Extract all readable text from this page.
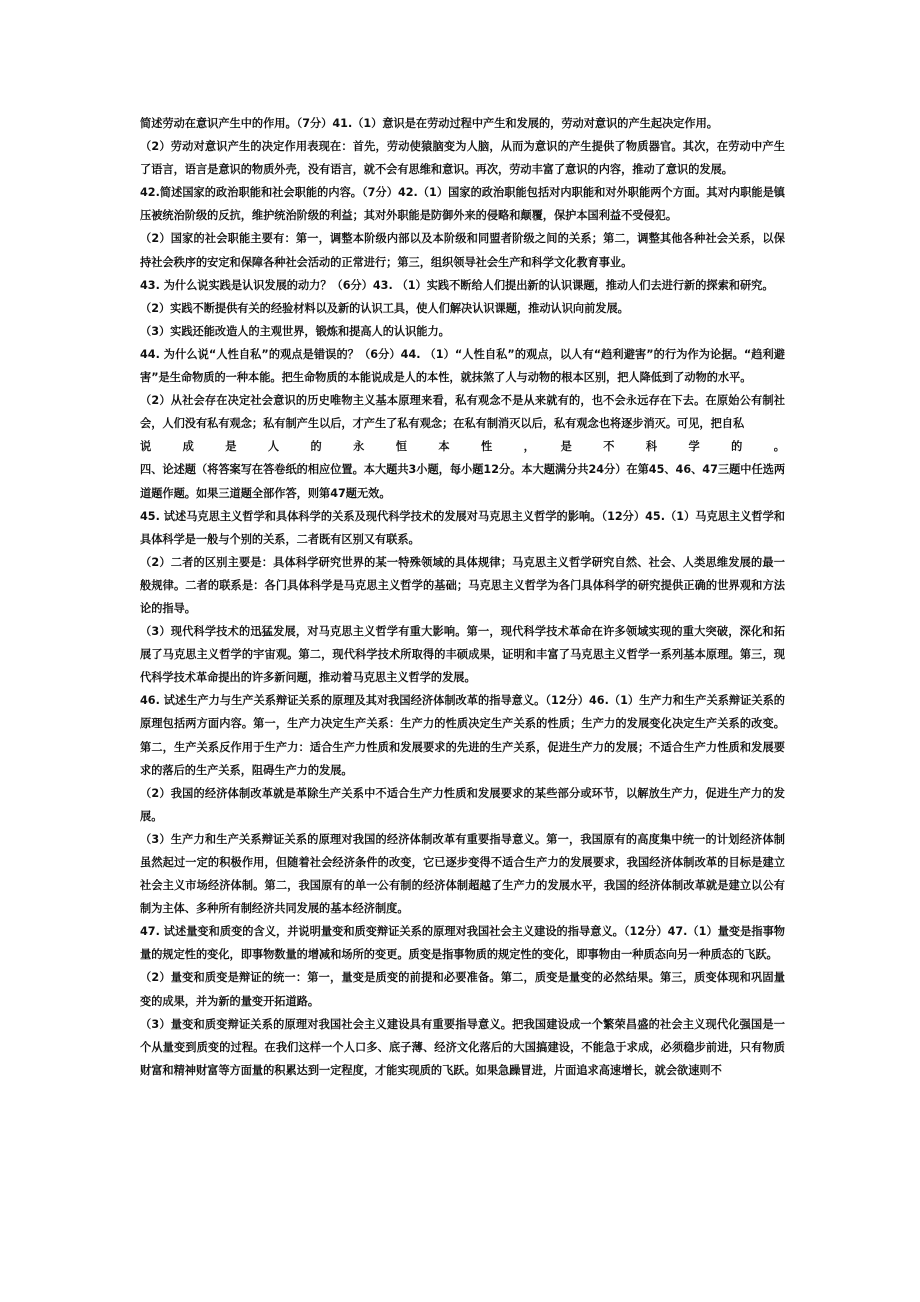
简述劳动在意识产生中的作用。（7分）41.（1）意识是在劳动过程中产生和发展的，劳动对意识的产生起决定作用。

（2）劳动对意识产生的决定作用表现在：首先，劳动使猿脑变为人脑，从而为意识的产生提供了物质器官。其次，在劳动中产生了语言，语言是意识的物质外壳，没有语言，就不会有思维和意识。再次，劳动丰富了意识的内容，推动了意识的发展。

42.简述国家的政治职能和社会职能的内容。（7分）42.（1）国家的政治职能包括对内职能和对外职能两个方面。其对内职能是镇压被统治阶级的反抗，维护统治阶级的利益；其对外职能是防御外来的侵略和颠覆，保护本国利益不受侵犯。

（2）国家的社会职能主要有：第一，调整本阶级内部以及本阶级和同盟者阶级之间的关系；第二，调整其他各种社会关系，以保持社会秩序的安定和保障各种社会活动的正常进行；第三，组织领导社会生产和科学文化教育事业。

43. 为什么说实践是认识发展的动力？（6分）43. （1）实践不断给人们提出新的认识课题，推动人们去进行新的探索和研究。

（2）实践不断提供有关的经验材料以及新的认识工具，使人们解决认识课题，推动认识向前发展。

（3）实践还能改造人的主观世界，锻炼和提高人的认识能力。

44. 为什么说“人性自私”的观点是错误的？（6分）44. （1）“人性自私”的观点，以人有“趋利避害”的行为作为论据。“趋利避害”是生命物质的一种本能。把生命物质的本能说成是人的本性，就抹煞了人与动物的根本区别，把人降低到了动物的水平。

（2）从社会存在决定社会意识的历史唯物主义基本原理来看，私有观念不是从来就有的，也不会永远存在下去。在原始公有制社会，人们没有私有观念；私有制产生以后，才产生了私有观念；在私有制消灭以后，私有观念也将逐步消灭。可见，把自私

说　成　是　人　的　永　恒　本　性　，　是　不　科　学　的　。

四、论述题（将答案写在答卷纸的相应位置。本大题共3小题，每小题12分。本大题满分共24分）在第45、46、47三题中任选两道题作题。如果三道题全部作答，则第47题无效。

45. 试述马克思主义哲学和具体科学的关系及现代科学技术的发展对马克思主义哲学的影响。（12分）45.（1）马克思主义哲学和具体科学是一般与个别的关系，二者既有区别又有联系。

（2）二者的区别主要是：具体科学研究世界的某一特殊领域的具体规律；马克思主义哲学研究自然、社会、人类思维发展的最一般规律。二者的联系是：各门具体科学是马克思主义哲学的基础；马克思主义哲学为各门具体科学的研究提供正确的世界观和方法论的指导。

（3）现代科学技术的迅猛发展，对马克思主义哲学有重大影响。第一，现代科学技术革命在许多领域实现的重大突破，深化和拓展了马克思主义哲学的宇宙观。第二，现代科学技术所取得的丰硕成果，证明和丰富了马克思主义哲学一系列基本原理。第三，现代科学技术革命提出的许多新问题，推动着马克思主义哲学的发展。

46. 试述生产力与生产关系辩证关系的原理及其对我国经济体制改革的指导意义。（12分）46.（1）生产力和生产关系辩证关系的原理包括两方面内容。第一，生产力决定生产关系：生产力的性质决定生产关系的性质；生产力的发展变化决定生产关系的改变。第二，生产关系反作用于生产力：适合生产力性质和发展要求的先进的生产关系，促进生产力的发展；不适合生产力性质和发展要求的落后的生产关系，阻碍生产力的发展。

（2）我国的经济体制改革就是革除生产关系中不适合生产力性质和发展要求的某些部分或环节，以解放生产力，促进生产力的发展。

（3）生产力和生产关系辩证关系的原理对我国的经济体制改革有重要指导意义。第一，我国原有的高度集中统一的计划经济体制虽然起过一定的积极作用，但随着社会经济条件的改变，它已逐步变得不适合生产力的发展要求，我国经济体制改革的目标是建立社会主义市场经济体制。第二，我国原有的单一公有制的经济体制超越了生产力的发展水平，我国的经济体制改革就是建立以公有制为主体、多种所有制经济共同发展的基本经济制度。

47. 试述量变和质变的含义，并说明量变和质变辩证关系的原理对我国社会主义建设的指导意义。（12分）47.（1）量变是指事物量的规定性的变化，即事物数量的增减和场所的变更。质变是指事物质的规定性的变化，即事物由一种质态向另一种质态的飞跃。

（2）量变和质变是辩证的统一：第一，量变是质变的前提和必要准备。第二，质变是量变的必然结果。第三，质变体现和巩固量变的成果，并为新的量变开拓道路。

（3）量变和质变辩证关系的原理对我国社会主义建设具有重要指导意义。把我国建设成一个繁荣昌盛的社会主义现代化强国是一个从量变到质变的过程。在我们这样一个人口多、底子薄、经济文化落后的大国搞建设，不能急于求成，必须稳步前进，只有物质财富和精神财富等方面量的积累达到一定程度，才能实现质的飞跃。如果急躁冒进，片面追求高速增长，就会欲速则不
